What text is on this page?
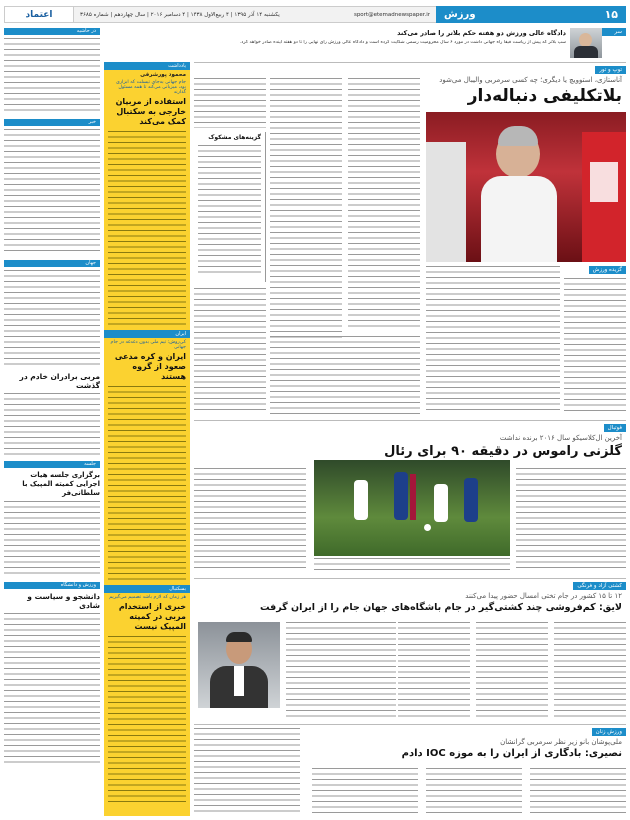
۱۵
ورزش
sport@etemadnewspaper.ir
یکشنبه ۱۴ آذر ۱۳۹۵ | ۴ ربیع‌الاول ۱۴۳۸ | ۴ دسامبر ۲۰۱۶ | سال چهاردهم | شماره ۳۶۸۵
اعتماد
در حاشیه
خبر
جهان
مربی برادران خادم در گذشت
جلسه
برگزاری جلسه هیات اجرایی کمیته المپیک با سلطانی‌فر
ورزش و دانشگاه
دانشجو و سیاست و شادی
یادداشت
محمود پورشرفی
جام جهانی به‌جای تیسلت که ابزاری بود، میزبانی می‌کند تا همه مسئول گذارند
استفاده از مربیان خارجی به سکتبال کمک می‌کند
ایران
کی‌روش: تیم ملی بدون دغدغه در جام جهانی
ایران و کره مدعی صعود از گروه هستند
بسکتبال
هر زمان که لازم باشد تصمیم می‌گیریم
خبری از استخدام مربی در کمیته المپیک نیست
سر تیتر
دادگاه عالی ورزش دو هفته حکم بلاتر را صادر می‌کند
سپ بلاتر که پیش از ریاست فیفا راه جهانی داشت در مورد ۶ سال محرومیت رسمی شکایت کرده است و دادگاه عالی ورزش رای نهایی را تا دو هفته آینده صادر خواهد کرد.
توپ و تور
آناستازی، استوویچ یا دیگری؛ چه کسی سرمربی والیبال می‌شود
بلاتکلیفی دنباله‌دار
گزینه‌های مشکوک
گزیده ورزش
فوتبال
آخرین ال‌کلاسیکو سال ۲۰۱۶ برنده نداشت
گلزنی راموس در دقیقه ۹۰ برای رئال
کشتی آزاد و فرنگی
۱۲ تا ۱۵ کشور در جام تختی امسال حضور پیدا می‌کنند
لایق: کم‌فروشی چند کشتی‌گیر در جام باشگاه‌های جهان جام را از ایران گرفت
ورزش زنان
ملی‌پوشان بانو زیر نظر سرمربی گرانشان
نصیری: بادگاری از ایران را به موزه IOC دادم
